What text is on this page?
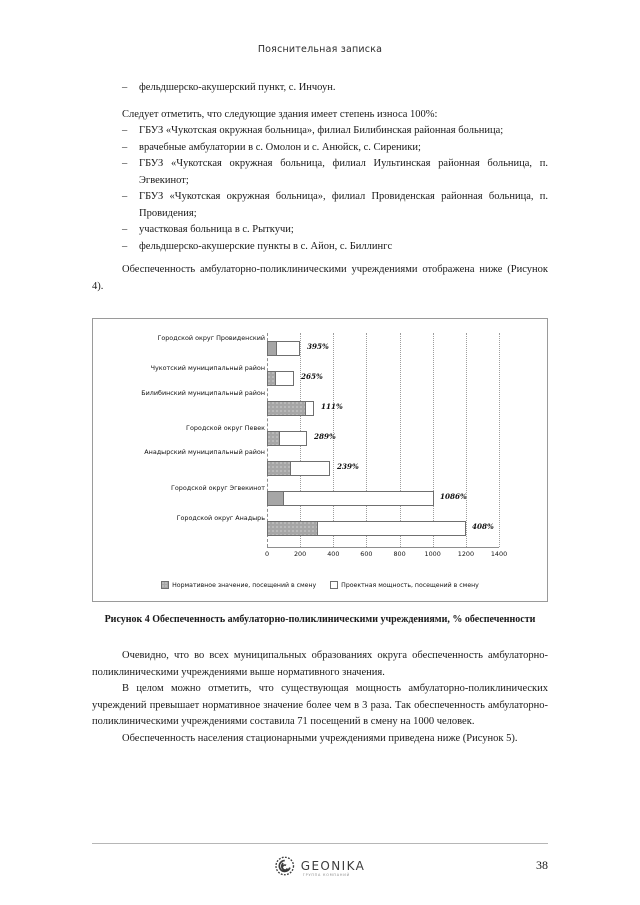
Пояснительная записка
– фельдшерско-акушерский пункт, с. Инчоун.

Следует отметить, что следующие здания имеет степень износа 100%:

– ГБУЗ «Чукотская окружная больница», филиал Билибинская районная больница;
– врачебные амбулатории в с. Омолон и с. Анюйск, с. Сиреники;
– ГБУЗ «Чукотская окружная больница, филиал Иультинская районная больница, п. Эгвекинот;
– ГБУЗ «Чукотская окружная больница», филиал Провиденская районная больница, п. Провидения;
– участковая больница в с. Рыткучи;
– фельдшерско-акушерские пункты в с. Айон, с. Биллингс

Обеспеченность амбулаторно-поликлиническими учреждениями отображена ниже (Рисунок 4).

Городской округ Провиденский
Чукотский муниципальный район
Билибинский муниципальный район
Городской округ Певек
Анадырский муниципальный район
Городской округ Эгвекинот
Городской округ Анадырь
395%
265%
111%
289%
239%
1086%
408%
0	200	400	600	800	1000	1200	1400
Нормативное значение, посещений в смену	Проектная мощность, посещений в смену
Рисунок 4 Обеспеченность амбулаторно-поликлиническими учреждениями, % обеспеченности

Очевидно, что во всех муниципальных образованиях округа обеспеченность амбулаторно-поликлиническими учреждениями выше нормативного значения.

В целом можно отметить, что существующая мощность амбулаторно-поликлинических учреждений превышает нормативное значение более чем в 3 раза. Так обеспеченность амбулаторно-поликлиническими учреждениями составила 71 посещений в смену на 1000 человек.

Обеспеченность населения стационарными учреждениями приведена ниже (Рисунок 5).

GEONIKA
ГРУППА КОМПАНИЙ
38
